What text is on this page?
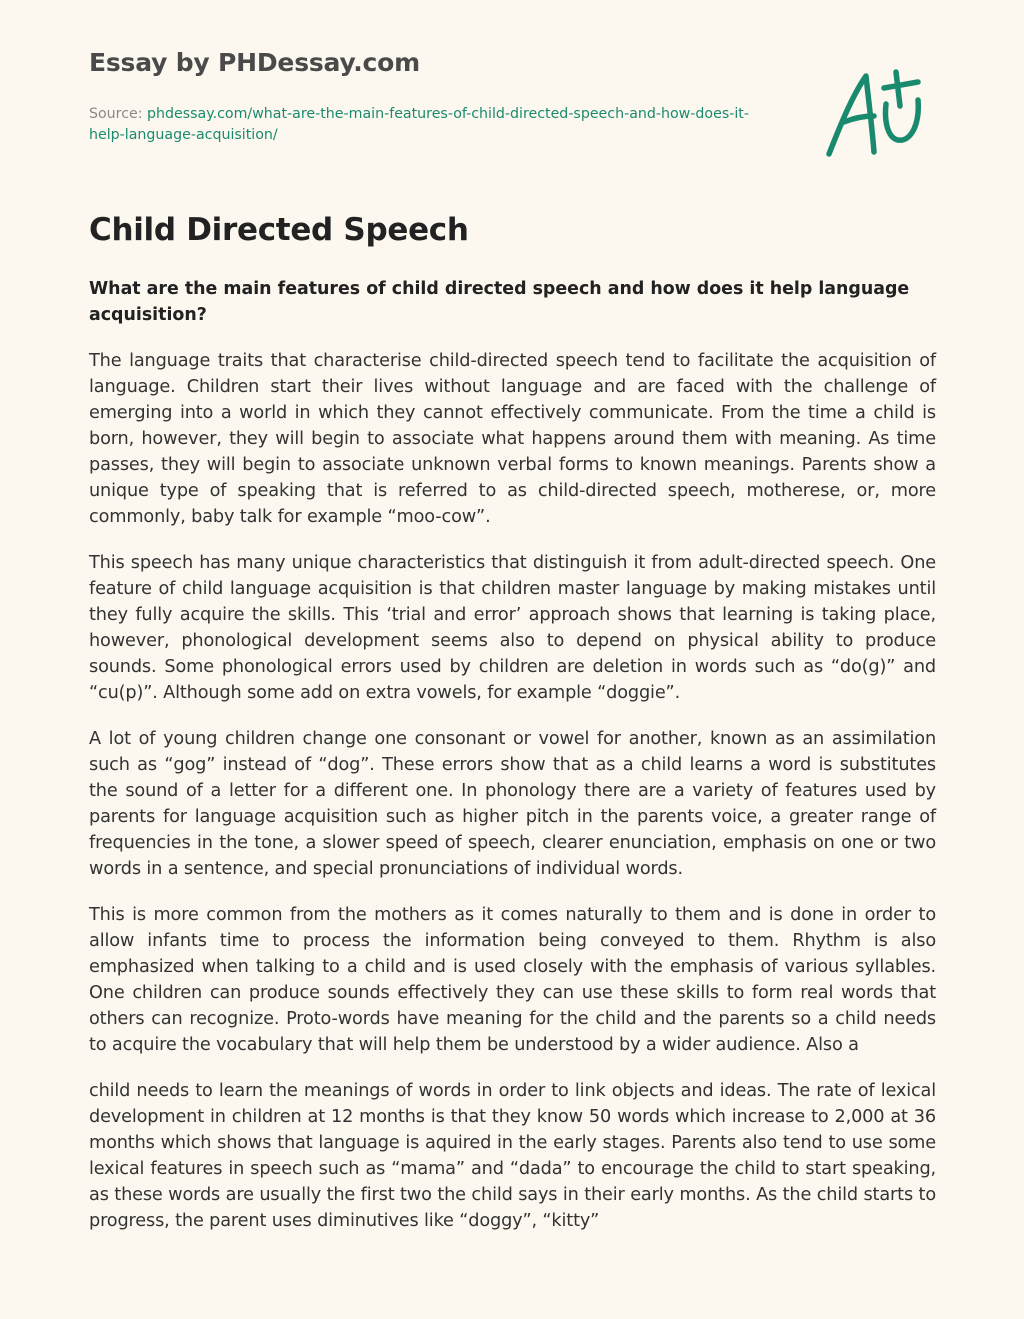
Essay by PHDessay.com
Source: phdessay.com/what-are-the-main-features-of-child-directed-speech-and-how-does-it-help-language-acquisition/
Child Directed Speech
What are the main features of child directed speech and how does it help language acquisition?

The language traits that characterise child-directed speech tend to facilitate the acquisition of language. Children start their lives without language and are faced with the challenge of emerging into a world in which they cannot effectively communicate. From the time a child is born, however, they will begin to associate what happens around them with meaning. As time passes, they will begin to associate unknown verbal forms to known meanings. Parents show a unique type of speaking that is referred to as child-directed speech, motherese, or, more commonly, baby talk for example “moo-cow”.

This speech has many unique characteristics that distinguish it from adult-directed speech. One feature of child language acquisition is that children master language by making mistakes until they fully acquire the skills. This ‘trial and error’ approach shows that learning is taking place, however, phonological development seems also to depend on physical ability to produce sounds. Some phonological errors used by children are deletion in words such as “do(g)” and “cu(p)”. Although some add on extra vowels, for example “doggie”.

A lot of young children change one consonant or vowel for another, known as an assimilation such as “gog” instead of “dog”. These errors show that as a child learns a word is substitutes the sound of a letter for a different one. In phonology there are a variety of features used by parents for language acquisition such as higher pitch in the parents voice, a greater range of frequencies in the tone, a slower speed of speech, clearer enunciation, emphasis on one or two words in a sentence, and special pronunciations of individual words.

This is more common from the mothers as it comes naturally to them and is done in order to allow infants time to process the information being conveyed to them. Rhythm is also emphasized when talking to a child and is used closely with the emphasis of various syllables. One children can produce sounds effectively they can use these skills to form real words that others can recognize. Proto-words have meaning for the child and the parents so a child needs to acquire the vocabulary that will help them be understood by a wider audience. Also a

child needs to learn the meanings of words in order to link objects and ideas. The rate of lexical development in children at 12 months is that they know 50 words which increase to 2,000 at 36 months which shows that language is aquired in the early stages. Parents also tend to use some lexical features in speech such as “mama” and “dada” to encourage the child to start speaking, as these words are usually the first two the child says in their early months. As the child starts to progress, the parent uses diminutives like “doggy”, “kitty”
